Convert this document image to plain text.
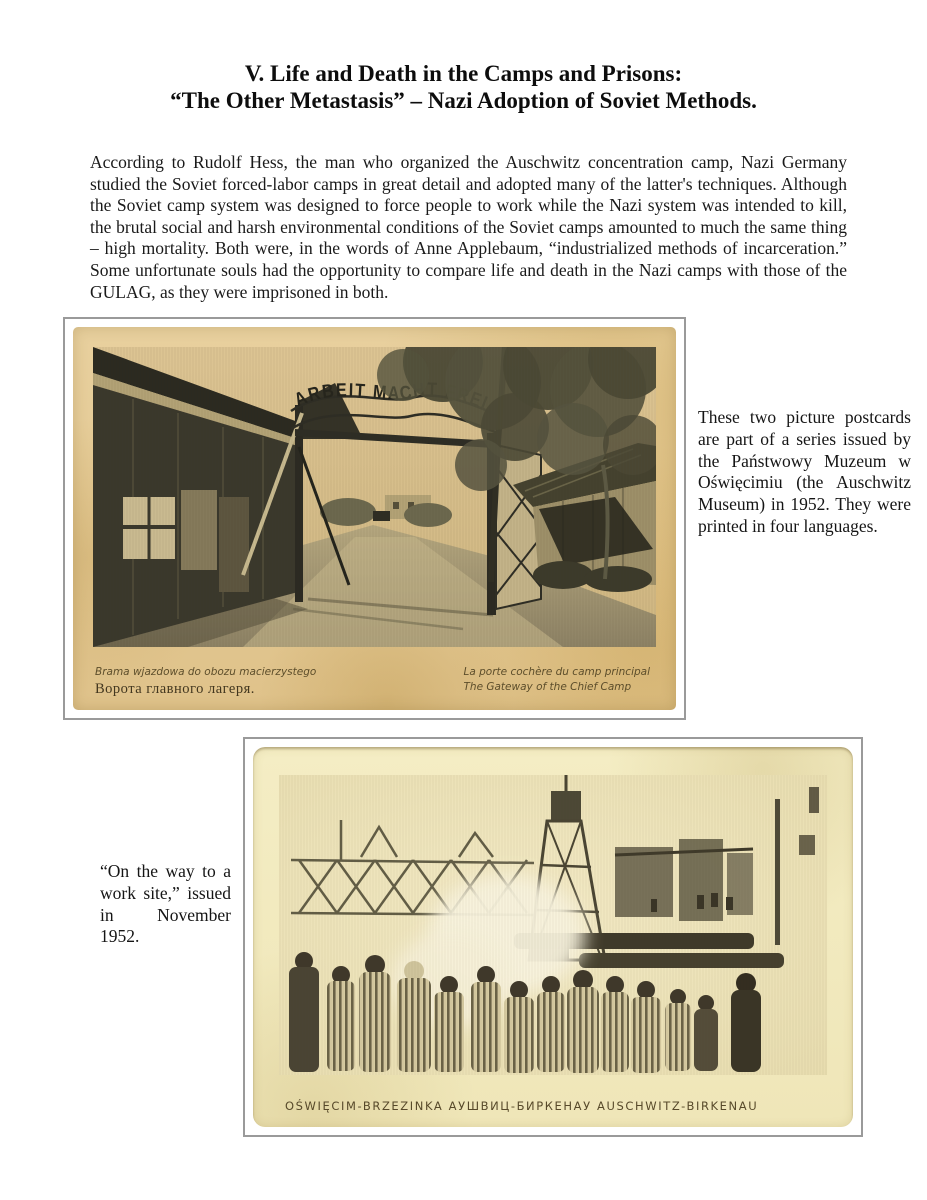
V. Life and Death in the Camps and Prisons:
“The Other Metastasis” – Nazi Adoption of Soviet Methods.
According to Rudolf Hess, the man who organized the Auschwitz concentration camp, Nazi Germany studied the Soviet forced-labor camps in great detail and adopted many of the latter's techniques. Although the Soviet camp system was designed to force people to work while the Nazi system was intended to kill, the brutal social and harsh environmental conditions of the Soviet camps amounted to much the same thing – high mortality. Both were, in the words of Anne Applebaum, “industrialized methods of incarceration.” Some unfortunate souls had the opportunity to compare life and death in the Nazi camps with those of the GULAG, as they were imprisoned in both.
Brama wjazdowa do obozu macierzystego
Ворота главного лагеря.
La porte cochère du camp principal
The Gateway of the Chief Camp
These two picture postcards are part of a series issued by the Państwowy Muzeum w Oświęcimiu (the Auschwitz Museum) in 1952. They were printed in four languages.
OŚWIĘCIM-BRZEZINKA АУШВИЦ-БИРКЕНАУ AUSCHWITZ-BIRKENAU
“On the way to a work site,” issued in November 1952.
